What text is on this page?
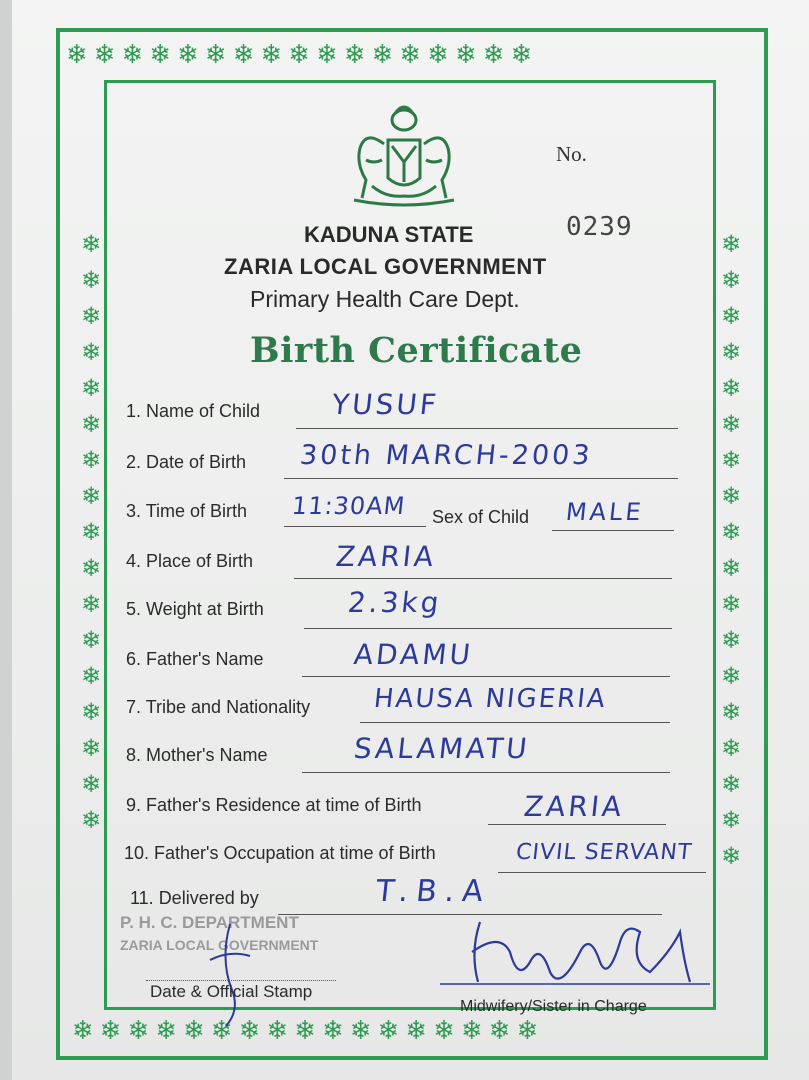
❄❄❄❄❄❄❄❄❄❄❄❄❄❄❄❄❄
❄❄❄❄❄❄❄❄❄❄❄❄❄❄❄❄❄
❄
❄
❄
❄
❄
❄
❄
❄
❄
❄
❄
❄
❄
❄
❄
❄
❄
❄
❄
❄
❄
❄
❄
❄
❄
❄
❄
❄
❄
❄
❄
❄
❄
❄
❄
No.
0239
KADUNA STATE
ZARIA LOCAL GOVERNMENT
Primary Health Care Dept.
Birth Certificate
1. Name of Child	YUSUF
2. Date of Birth 30th MARCH-2003
3. Time of Birth 11:30AM Sex of Child MALE
4. Place of Birth	ZARIA
5. Weight at Birth	2.3kg
6. Father's Name	ADAMU
7. Tribe and Nationality HAUSA NIGERIA
8. Mother's Name	SALAMATU
9. Father's Residence at time of Birth	ZARIA
10. Father's Occupation at time of Birth	CIVIL SERVANT
11. Delivered by	T.B.A
P. H. C. DEPARTMENT
ZARIA LOCAL GOVERNMENT
Date & Official Stamp
Midwifery/Sister in Charge
